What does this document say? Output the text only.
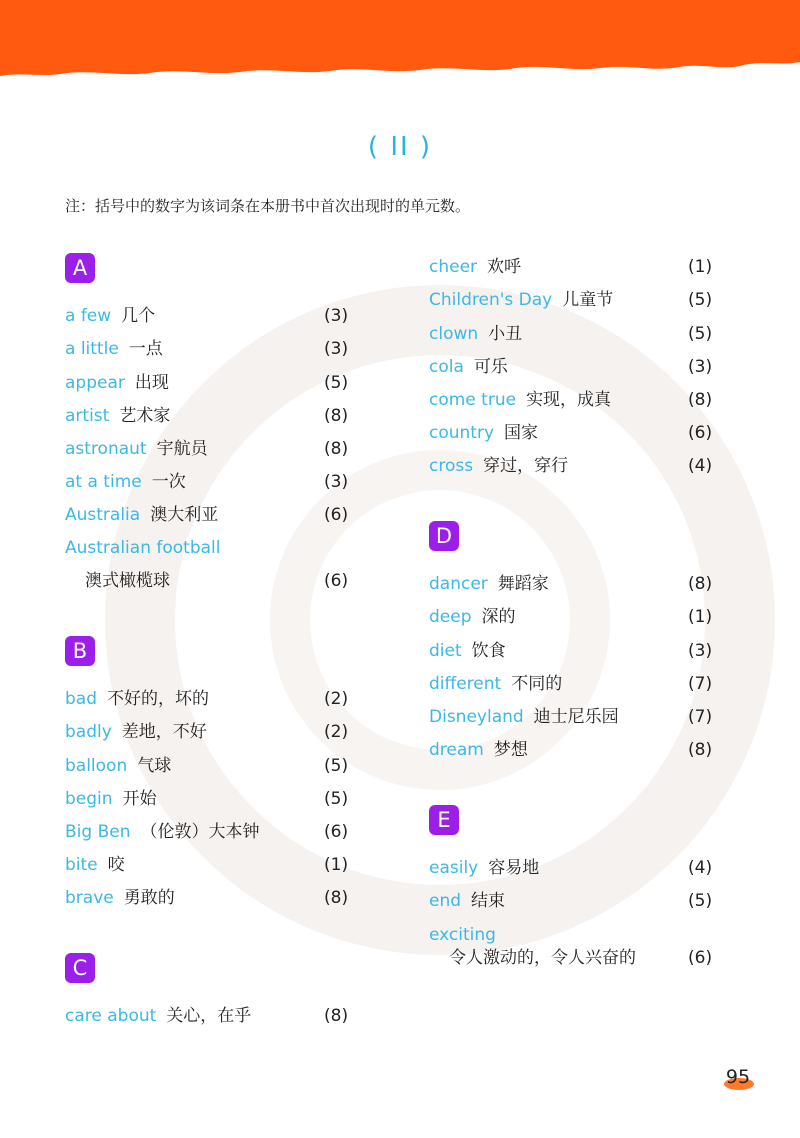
( II )
注：括号中的数字为该词条在本册书中首次出现时的单元数。
A
a few 几个	(3)
a little 一点	(3)
appear 出现	(5)
artist 艺术家	(8)
astronaut 宇航员	(8)
at a time 一次	(3)
Australia 澳大利亚	(6)
Australian football
澳式橄榄球	(6)
B
bad 不好的，坏的	(2)
badly 差地，不好	(2)
balloon 气球	(5)
begin 开始	(5)
Big Ben （伦敦）大本钟	(6)
bite 咬	(1)
brave 勇敢的	(8)
C
care about 关心，在乎	(8)
cheer 欢呼	(1)
Children's Day 儿童节	(5)
clown 小丑	(5)
cola 可乐	(3)
come true 实现，成真	(8)
country 国家	(6)
cross 穿过，穿行	(4)
D
dancer 舞蹈家	(8)
deep 深的	(1)
diet 饮食	(3)
different 不同的	(7)
Disneyland 迪士尼乐园	(7)
dream 梦想	(8)
E
easily 容易地	(4)
end 结束	(5)
exciting
令人激动的，令人兴奋的	(6)
95
